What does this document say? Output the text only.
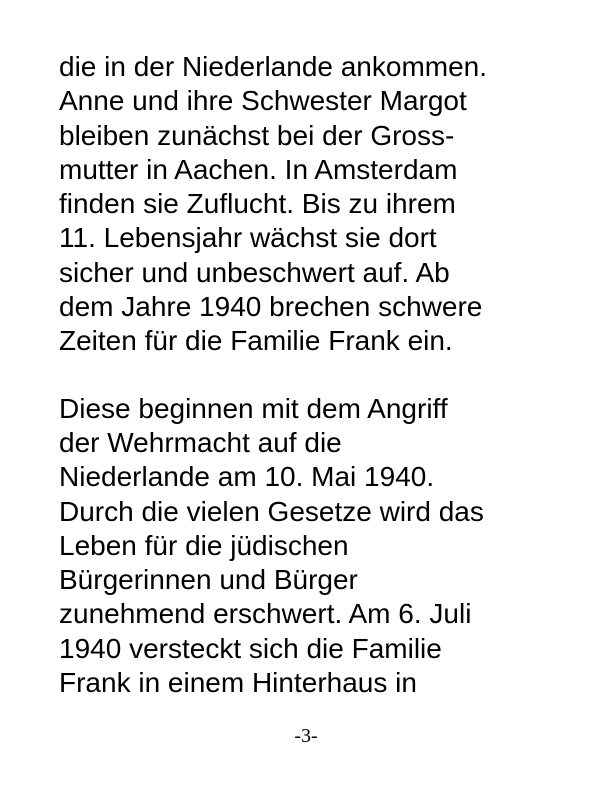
die in der Niederlande ankommen.
Anne und ihre Schwester Margot
bleiben zunächst bei der Gross-
mutter in Aachen. In Amsterdam
finden sie Zuflucht. Bis zu ihrem
11. Lebensjahr wächst sie dort
sicher und unbeschwert auf. Ab
dem Jahre 1940 brechen schwere
Zeiten für die Familie Frank ein.

Diese beginnen mit dem Angriff
der Wehrmacht auf die
Niederlande am 10. Mai 1940.
Durch die vielen Gesetze wird das
Leben für die jüdischen
Bürgerinnen und Bürger
zunehmend erschwert. Am 6. Juli
1940 versteckt sich die Familie
Frank in einem Hinterhaus in

-3-
